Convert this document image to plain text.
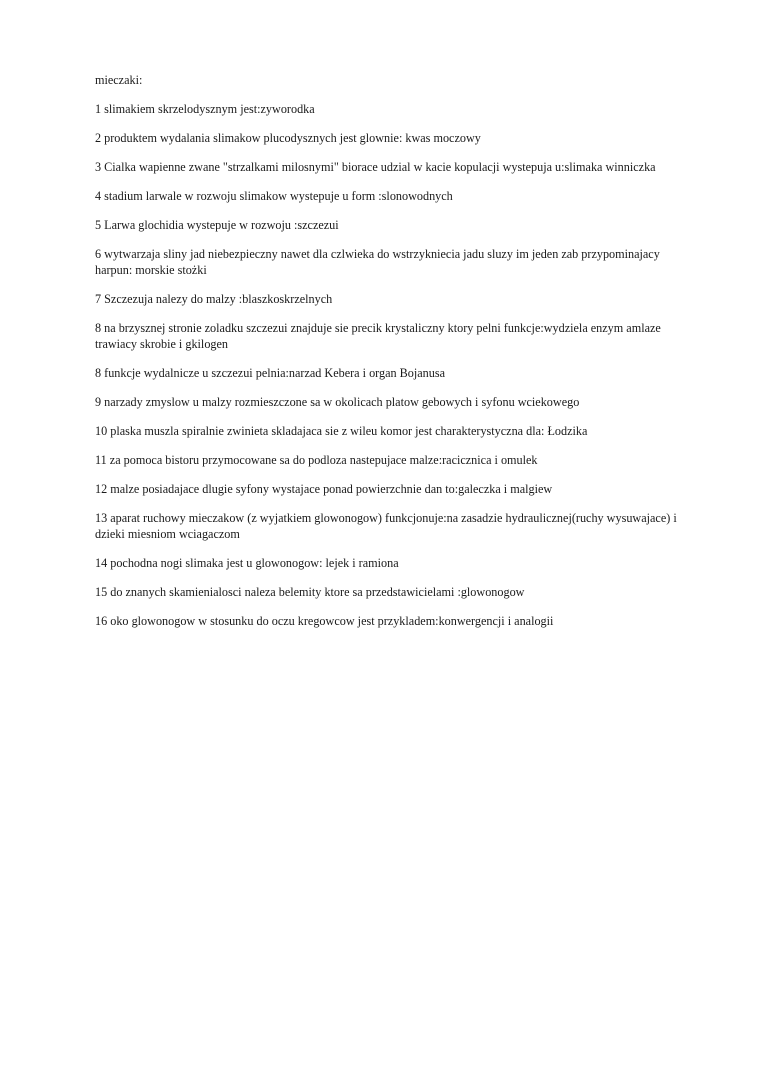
mieczaki:
1 slimakiem skrzelodysznym jest:zyworodka
2 produktem wydalania slimakow plucodysznych jest glownie: kwas moczowy
3 Cialka wapienne zwane "strzalkami milosnymi" biorace udzial w kacie kopulacji wystepuja u:slimaka winniczka
4 stadium larwale w rozwoju slimakow wystepuje u form :slonowodnych
5 Larwa glochidia wystepuje w rozwoju :szczezui
6 wytwarzaja sliny jad niebezpieczny nawet dla czlwieka do wstrzykniecia jadu sluzy im jeden zab przypominajacy harpun: morskie stożki
7 Szczezuja nalezy do malzy :blaszkoskrzelnych
8 na brzysznej stronie zoladku szczezui znajduje sie precik krystaliczny ktory pelni funkcje:wydziela enzym amlaze trawiacy skrobie i gkilogen
8 funkcje wydalnicze u szczezui pelnia:narzad Kebera i organ Bojanusa
9 narzady zmyslow u malzy rozmieszczone sa w okolicach platow gebowych i syfonu wciekowego
10 plaska muszla spiralnie zwinieta skladajaca sie z wileu komor jest charakterystyczna dla: Łodzika
11 za pomoca bistoru przymocowane sa do podloza nastepujace malze:racicznica i omulek
12 malze posiadajace dlugie syfony wystajace ponad powierzchnie dan to:galeczka i malgiew
13 aparat ruchowy mieczakow (z wyjatkiem glowonogow) funkcjonuje:na zasadzie hydraulicznej(ruchy wysuwajace) i dzieki miesniom wciagaczom
14 pochodna nogi slimaka jest u glowonogow: lejek i ramiona
15 do znanych skamienialosci naleza belemity ktore sa przedstawicielami :glowonogow
16 oko glowonogow w stosunku do oczu kregowcow jest przykladem:konwergencji i analogii
